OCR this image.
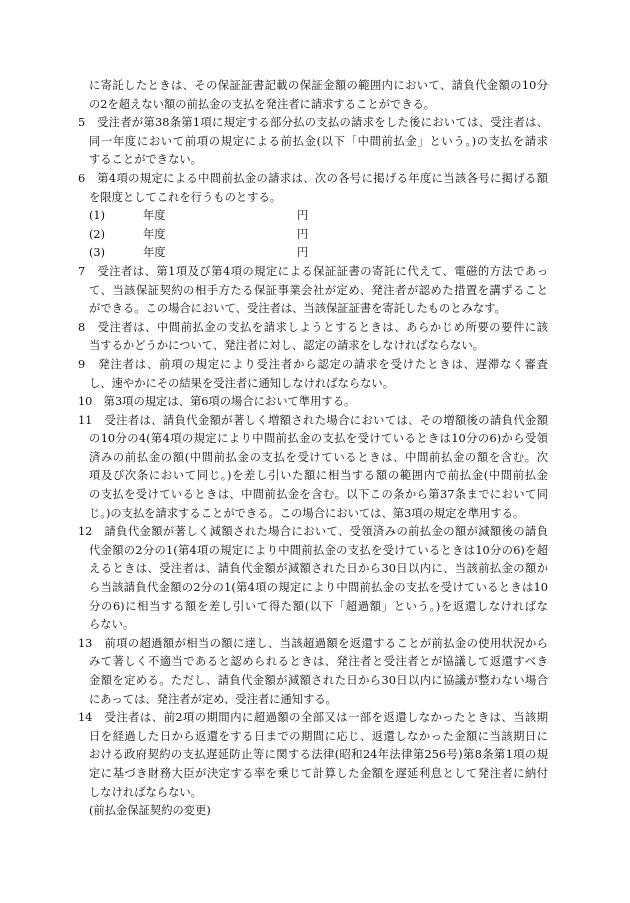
に寄託したときは、その保証証書記載の保証金額の範囲内において、請負代金額の10分
の2を超えない額の前払金の支払を発注者に請求することができる。
5　受注者が第38条第1項に規定する部分払の支払の請求をした後においては、受注者は、
同一年度において前項の規定による前払金(以下「中間前払金」という。)の支払を請求
することができない。
6　第4項の規定による中間前払金の請求は、次の各号に掲げる年度に当該各号に掲げる額
を限度としてこれを行うものとする。
(1)	年度	円
(2)	年度	円
(3)	年度	円
7　受注者は、第1項及び第4項の規定による保証証書の寄託に代えて、電磁的方法であっ
て、当該保証契約の相手方たる保証事業会社が定め、発注者が認めた措置を講ずること
ができる。この場合において、受注者は、当該保証証書を寄託したものとみなす。
8　受注者は、中間前払金の支払を請求しようとするときは、あらかじめ所要の要件に該
当するかどうかについて、発注者に対し、認定の請求をしなければならない。
9　発注者は、前項の規定により受注者から認定の請求を受けたときは、遅滞なく審査
し、速やかにその結果を受注者に通知しなければならない。
10　第3項の規定は、第6項の場合において準用する。
11　受注者は、請負代金額が著しく増額された場合においては、その増額後の請負代金額
の10分の4(第4項の規定により中間前払金の支払を受けているときは10分の6)から受領
済みの前払金の額(中間前払金の支払を受けているときは、中間前払金の額を含む。次
項及び次条において同じ。)を差し引いた額に相当する額の範囲内で前払金(中間前払金
の支払を受けているときは、中間前払金を含む。以下この条から第37条までにおいて同
じ。)の支払を請求することができる。この場合においては、第3項の規定を準用する。
12　請負代金額が著しく減額された場合において、受領済みの前払金の額が減額後の請負
代金額の2分の1(第4項の規定により中間前払金の支払を受けているときは10分の6)を超
えるときは、受注者は、請負代金額が減額された日から30日以内に、当該前払金の額か
ら当該請負代金額の2分の1(第4項の規定により中間前払金の支払を受けているときは10
分の6)に相当する額を差し引いて得た額(以下「超過額」という。)を返還しなければな
らない。
13　前項の超過額が相当の額に達し、当該超過額を返還することが前払金の使用状況から
みて著しく不適当であると認められるときは、発注者と受注者とが協議して返還すべき
金額を定める。ただし、請負代金額が減額された日から30日以内に協議が整わない場合
にあっては、発注者が定め、受注者に通知する。
14　受注者は、前2項の期間内に超過額の全部又は一部を返還しなかったときは、当該期
日を経過した日から返還をする日までの期間に応じ、返還しなかった金額に当該期日に
おける政府契約の支払遅延防止等に関する法律(昭和24年法律第256号)第8条第1項の規
定に基づき財務大臣が決定する率を乗じて計算した金額を遅延利息として発注者に納付
しなければならない。
(前払金保証契約の変更)
